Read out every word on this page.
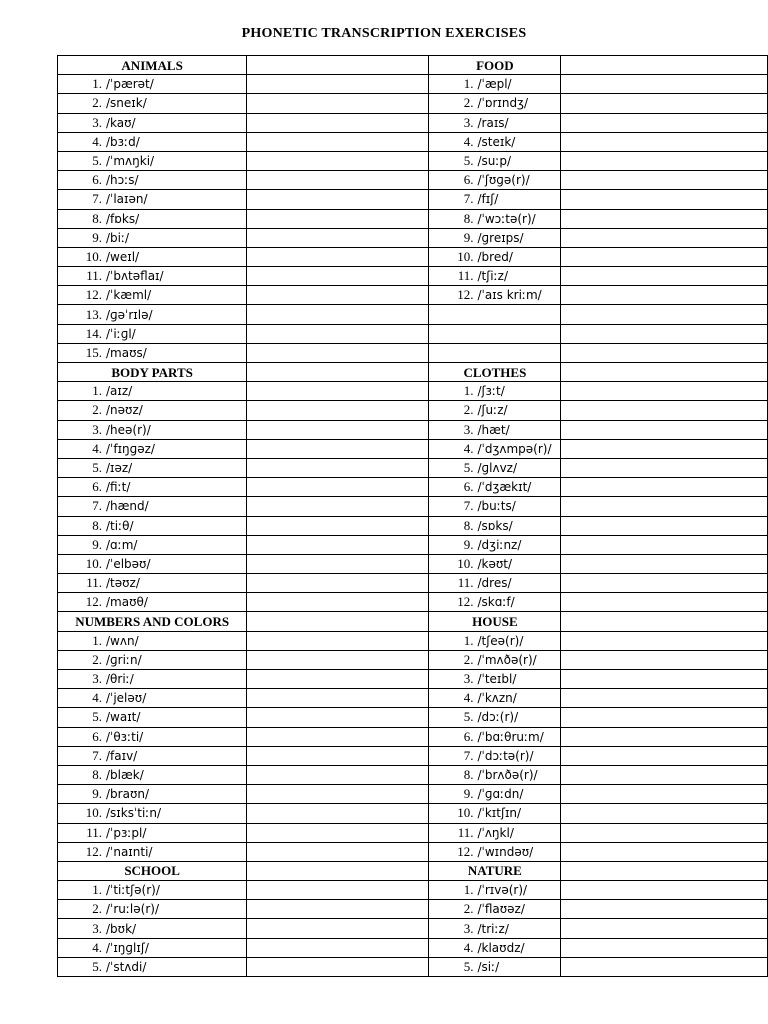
PHONETIC TRANSCRIPTION EXERCISES
ANIMALS		FOOD	
1. /ˈpærət/		1. /ˈæpl/	
2. /sneɪk/		2. /ˈɒrɪndʒ/	
3. /kaʊ/		3. /raɪs/	
4. /bɜːd/		4. /steɪk/	
5. /ˈmʌŋki/		5. /suːp/	
6. /hɔːs/		6. /ˈʃʊɡə(r)/	
7. /ˈlaɪən/		7. /fɪʃ/	
8. /fɒks/		8. /ˈwɔːtə(r)/	
9. /biː/		9. /ɡreɪps/	
10. /weɪl/		10. /bred/	
11. /ˈbʌtəflaɪ/		11. /tʃiːz/	
12. /ˈkæml/		12. /ˈaɪs kriːm/	
13. /ɡəˈrɪlə/			
14. /ˈiːɡl/			
15. /maʊs/			
BODY PARTS		CLOTHES	
1. /aɪz/		1. /ʃɜːt/	
2. /nəʊz/		2. /ʃuːz/	
3. /heə(r)/		3. /hæt/	
4. /ˈfɪŋɡəz/		4. /ˈdʒʌmpə(r)/	
5. /ɪəz/		5. /ɡlʌvz/	
6. /fiːt/		6. /ˈdʒækɪt/	
7. /hænd/		7. /buːts/	
8. /tiːθ/		8. /sɒks/	
9. /ɑːm/		9. /dʒiːnz/	
10. /ˈelbəʊ/		10. /kəʊt/	
11. /təʊz/		11. /dres/	
12. /maʊθ/		12. /skɑːf/	
NUMBERS AND COLORS		HOUSE	
1. /wʌn/		1. /tʃeə(r)/	
2. /ɡriːn/		2. /ˈmʌðə(r)/	
3. /θriː/		3. /ˈteɪbl/	
4. /ˈjeləʊ/		4. /ˈkʌzn/	
5. /waɪt/		5. /dɔː(r)/	
6. /ˈθɜːti/		6. /ˈbɑːθruːm/	
7. /faɪv/		7. /ˈdɔːtə(r)/	
8. /blæk/		8. /ˈbrʌðə(r)/	
9. /braʊn/		9. /ˈɡɑːdn/	
10. /sɪksˈtiːn/		10. /ˈkɪtʃɪn/	
11. /ˈpɜːpl/		11. /ˈʌŋkl/	
12. /ˈnaɪnti/		12. /ˈwɪndəʊ/	
SCHOOL		NATURE	
1. /ˈtiːtʃə(r)/		1. /ˈrɪvə(r)/	
2. /ˈruːlə(r)/		2. /ˈflaʊəz/	
3. /bʊk/		3. /triːz/	
4. /ˈɪŋɡlɪʃ/		4. /klaʊdz/	
5. /ˈstʌdi/		5. /siː/	
